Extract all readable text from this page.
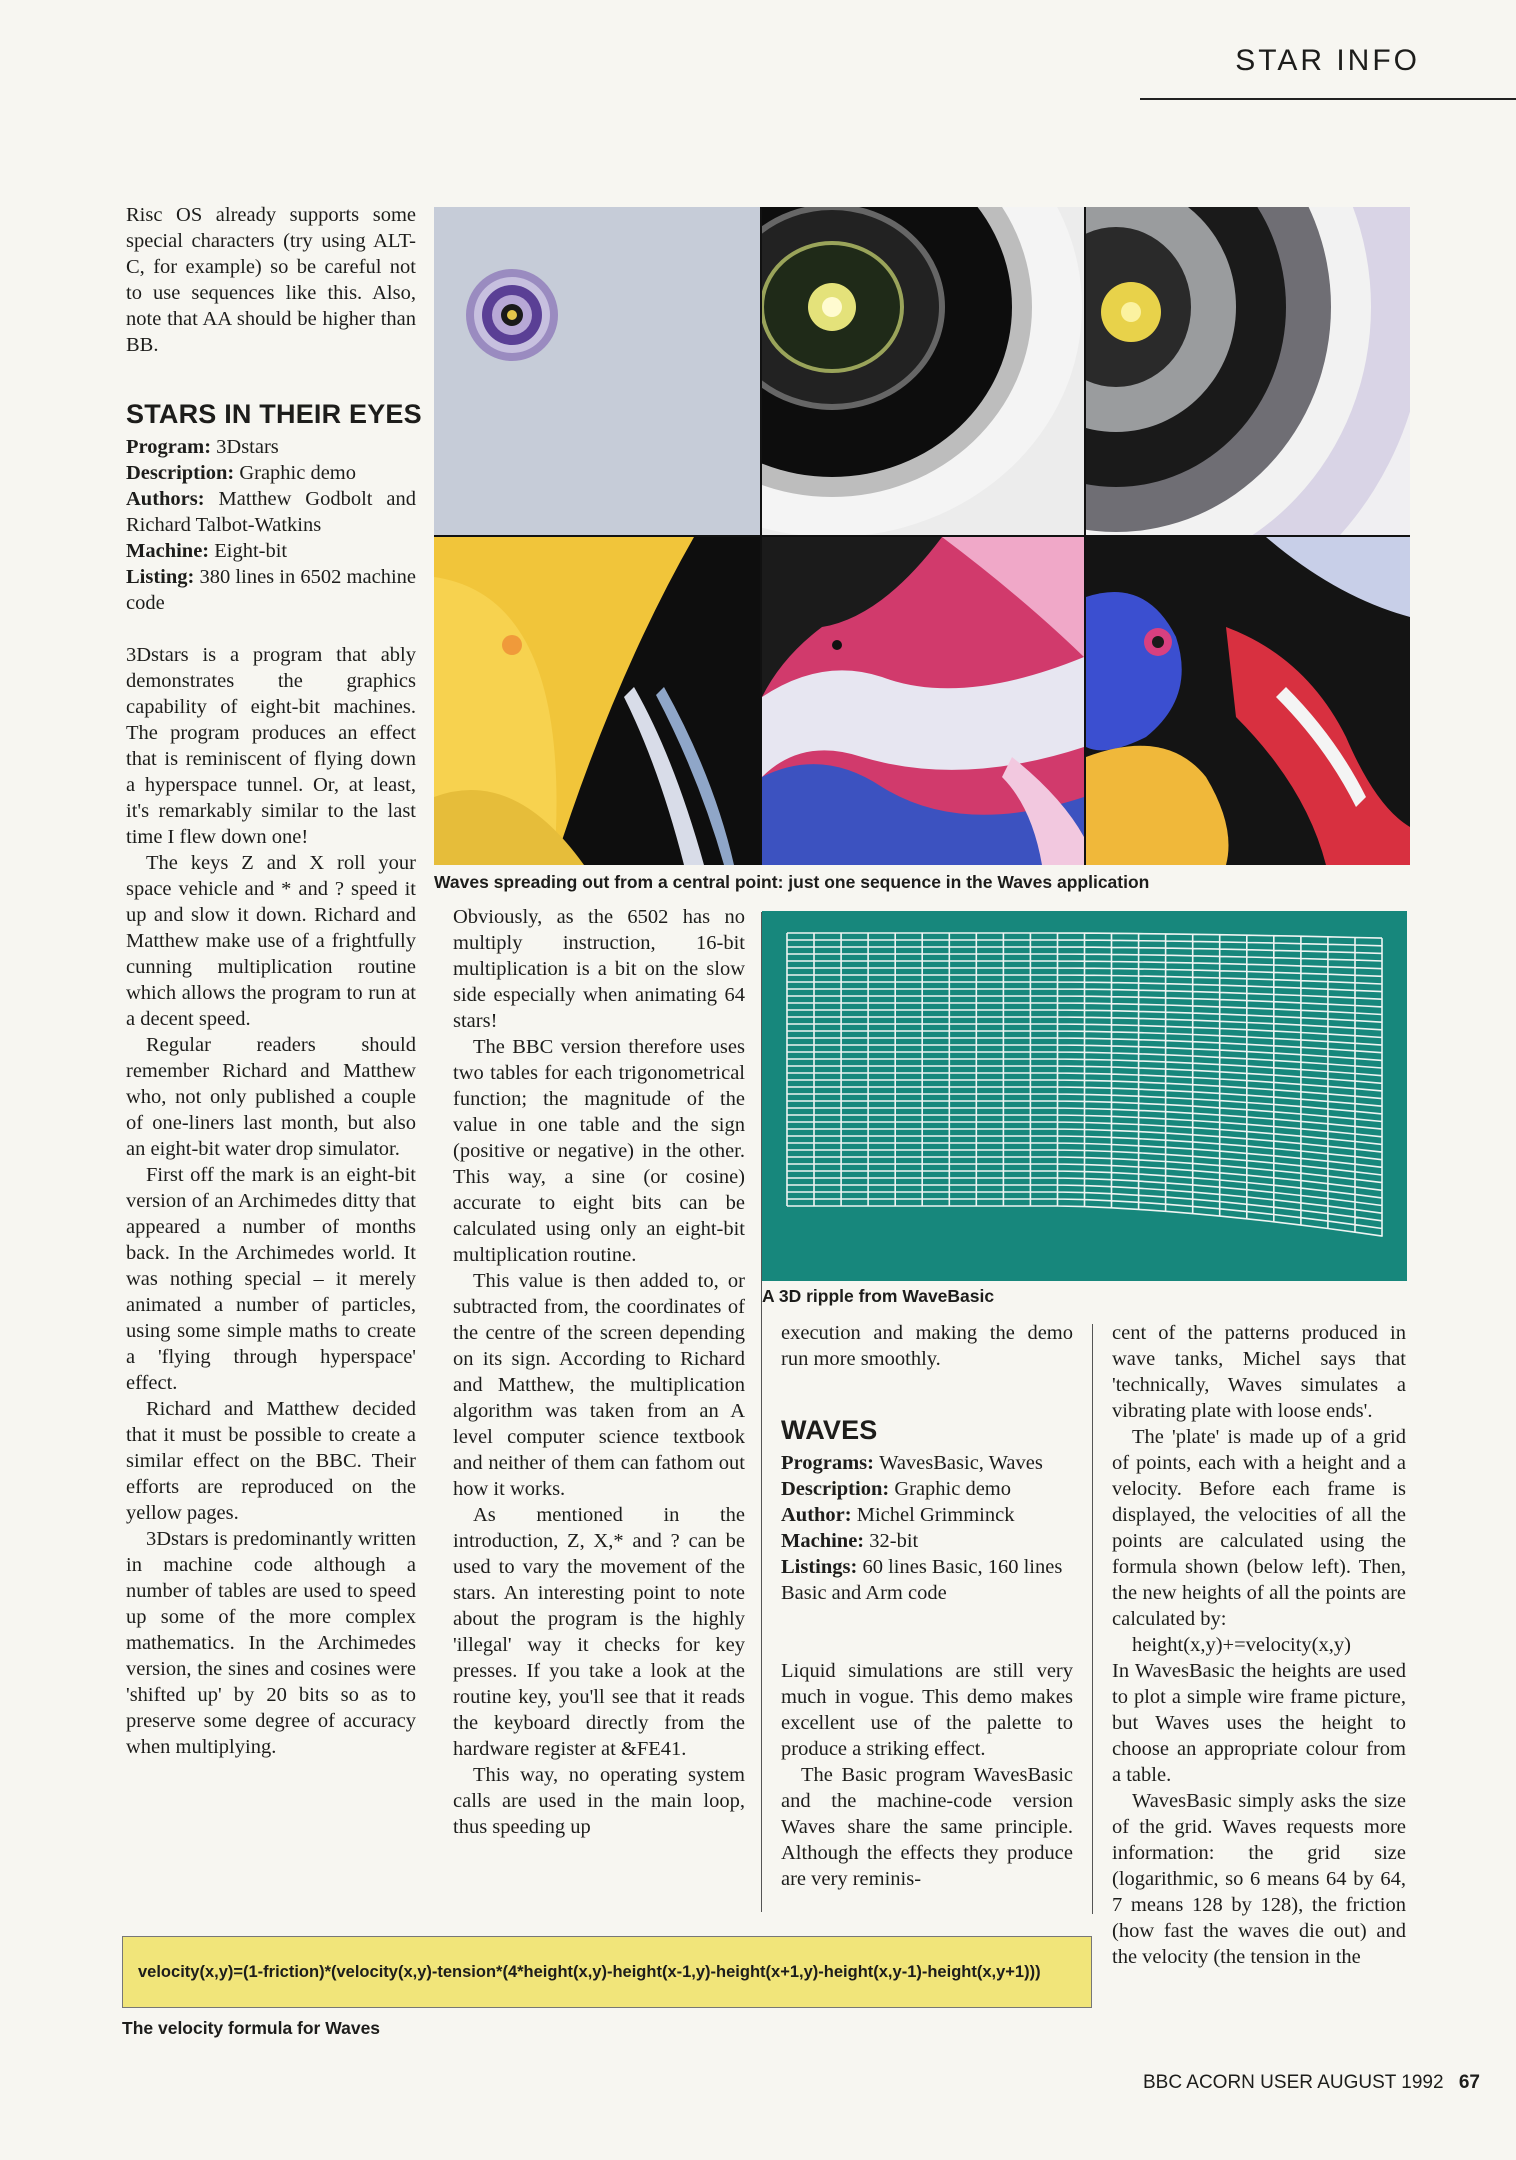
STAR INFO

Risc OS already supports some special characters (try using ALT-C, for example) so be careful not to use sequences like this. Also, note that AA should be higher than BB.

STARS IN THEIR EYES
Program: 3Dstars
Description: Graphic demo
Authors: Matthew Godbolt and Richard Talbot-Watkins
Machine: Eight-bit
Listing: 380 lines in 6502 machine code

3Dstars is a program that ably demonstrates the graphics capability of eight-bit machines. The program produces an effect that is reminiscent of flying down a hyperspace tunnel. Or, at least, it's remarkably similar to the last time I flew down one!

The keys Z and X roll your space vehicle and * and ? speed it up and slow it down. Richard and Matthew make use of a frightfully cunning multiplication routine which allows the program to run at a decent speed.

Regular readers should remember Richard and Matthew who, not only published a couple of one-liners last month, but also an eight-bit water drop simulator.

First off the mark is an eight-bit version of an Archimedes ditty that appeared a number of months back. In the Archimedes world. It was nothing special – it merely animated a number of particles, using some simple maths to create a 'flying through hyperspace' effect.

Richard and Matthew decided that it must be possible to create a similar effect on the BBC. Their efforts are reproduced on the yellow pages.

3Dstars is predominantly written in machine code although a number of tables are used to speed up some of the more complex mathematics. In the Archimedes version, the sines and cosines were 'shifted up' by 20 bits so as to preserve some degree of accuracy when multiplying.

Waves spreading out from a central point: just one sequence in the Waves application

Obviously, as the 6502 has no multiply instruction, 16-bit multiplication is a bit on the slow side especially when animating 64 stars!

The BBC version therefore uses two tables for each trigonometrical function; the magnitude of the value in one table and the sign (positive or negative) in the other. This way, a sine (or cosine) accurate to eight bits can be calculated using only an eight-bit multiplication routine.

This value is then added to, or subtracted from, the coordinates of the centre of the screen depending on its sign. According to Richard and Matthew, the multiplication algorithm was taken from an A level computer science textbook and neither of them can fathom out how it works.

As mentioned in the introduction, Z, X,* and ? can be used to vary the movement of the stars. An interesting point to note about the program is the highly 'illegal' way it checks for key presses. If you take a look at the routine key, you'll see that it reads the keyboard directly from the hardware register at &FE41.

This way, no operating system calls are used in the main loop, thus speeding up

A 3D ripple from WaveBasic

execution and making the demo run more smoothly.

WAVES
Programs: WavesBasic, Waves
Description: Graphic demo
Author: Michel Grimminck
Machine: 32-bit
Listings: 60 lines Basic, 160 lines Basic and Arm code

Liquid simulations are still very much in vogue. This demo makes excellent use of the palette to produce a striking effect.

The Basic program WavesBasic and the machine-code version Waves share the same principle. Although the effects they produce are very reminis-

cent of the patterns produced in wave tanks, Michel says that 'technically, Waves simulates a vibrating plate with loose ends'.

The 'plate' is made up of a grid of points, each with a height and a velocity. Before each frame is displayed, the velocities of all the points are calculated using the formula shown (below left). Then, the new heights of all the points are calculated by:

height(x,y)+=velocity(x,y)

In WavesBasic the heights are used to plot a simple wire frame picture, but Waves uses the height to choose an appropriate colour from a table.

WavesBasic simply asks the size of the grid. Waves requests more information: the grid size (logarithmic, so 6 means 64 by 64, 7 means 128 by 128), the friction (how fast the waves die out) and the velocity (the tension in the

velocity(x,y)=(1-friction)*(velocity(x,y)-tension*(4*height(x,y)-height(x-1,y)-height(x+1,y)-height(x,y-1)-height(x,y+1)))
The velocity formula for Waves
BBC ACORN USER AUGUST 1992 67
